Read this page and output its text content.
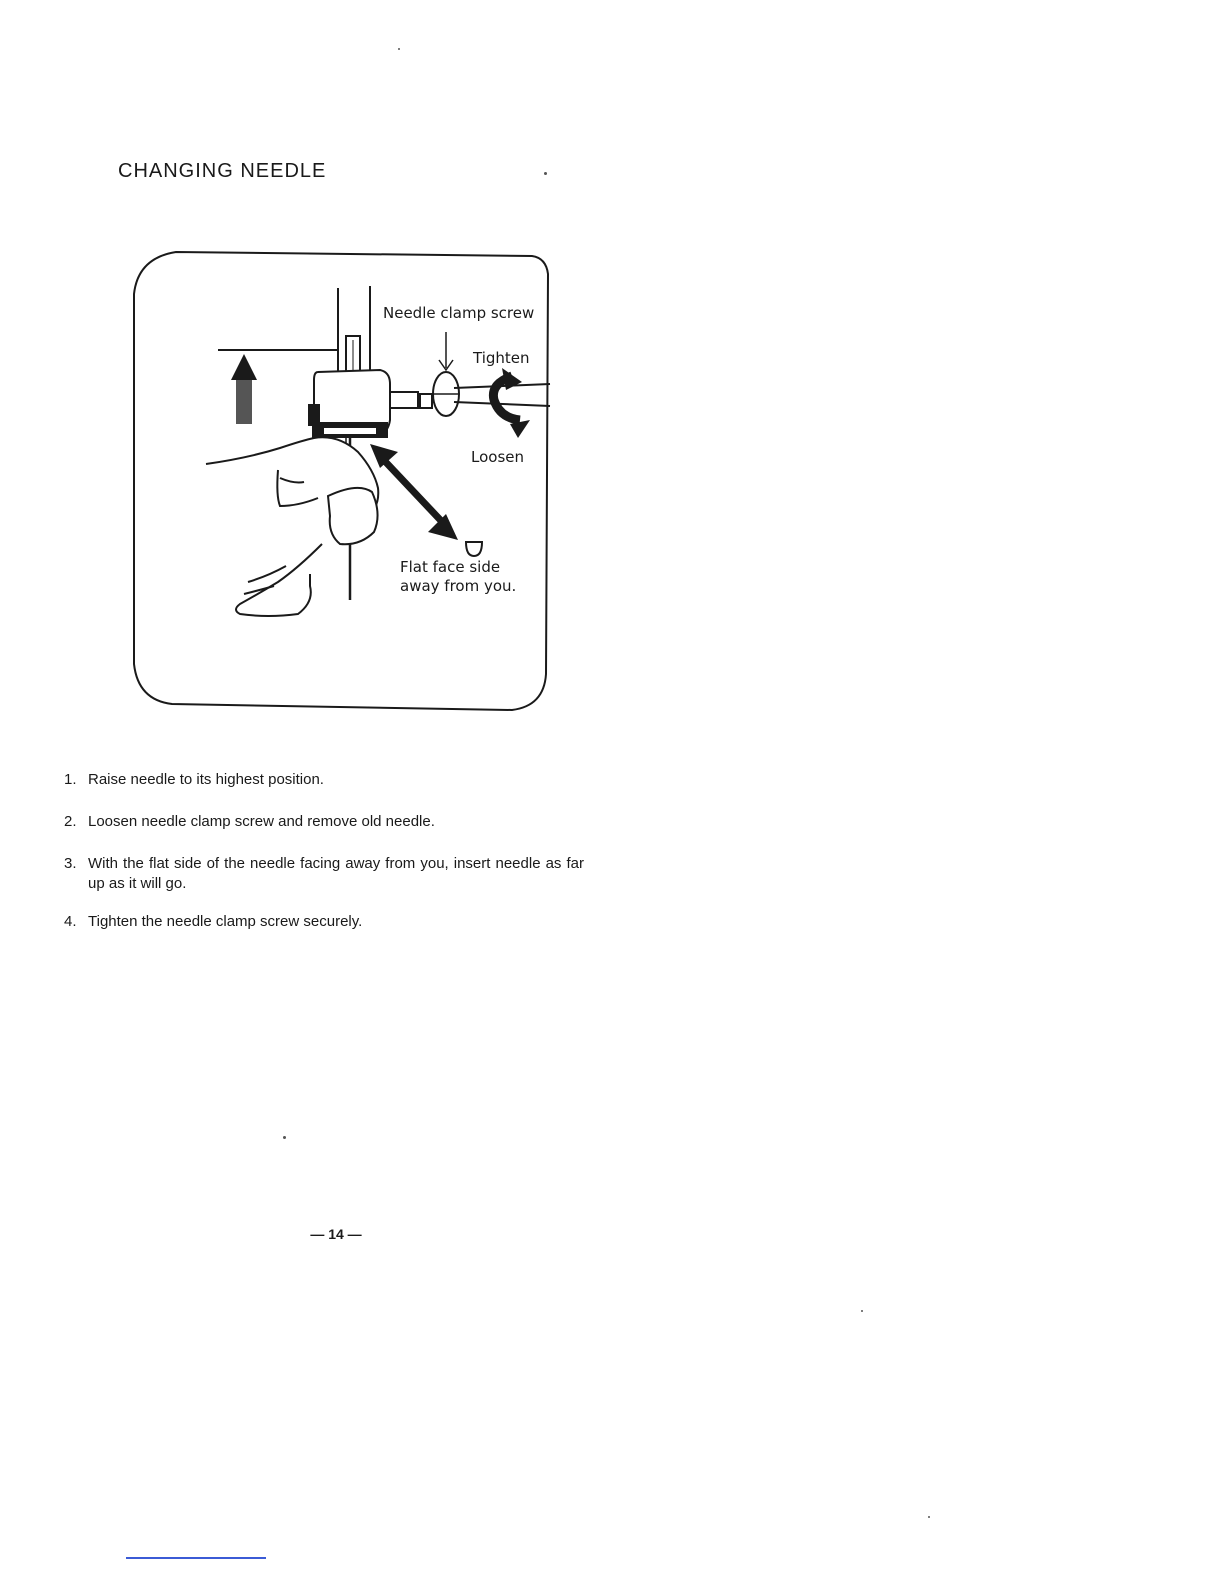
CHANGING NEEDLE
Needle clamp screw
Tighten
Loosen
Flat face side
away from you.
1. Raise needle to its highest position.
2. Loosen needle clamp screw and remove old needle.
3. With the flat side of the needle facing away from you, insert needle as far up as it will go.
4. Tighten the needle clamp screw securely.
— 14 —
